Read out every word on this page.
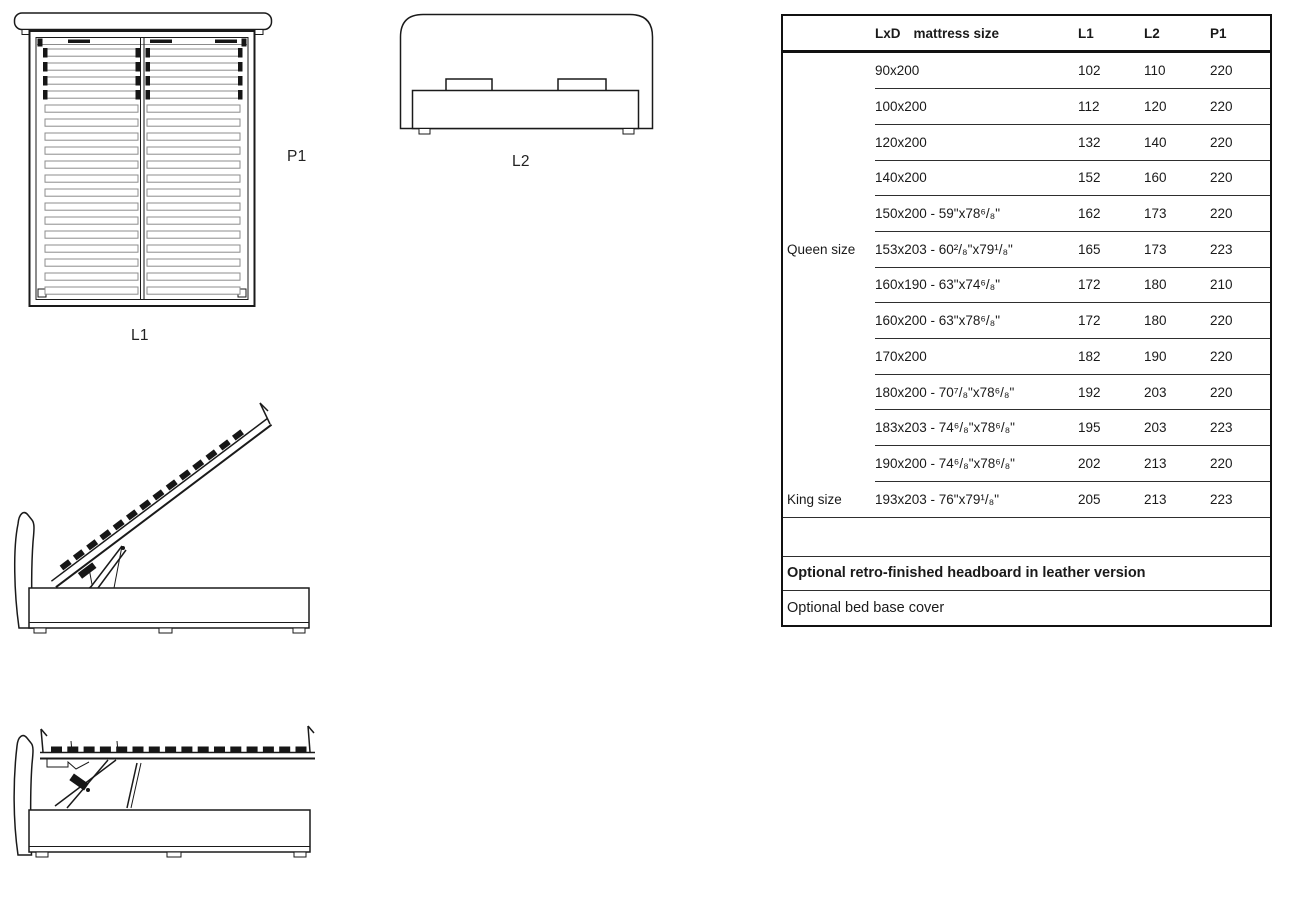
P1
L1
L2
LxD mattress size	L1	L2	P1
90x200	102	110	220
100x200	112	120	220
120x200	132	140	220
140x200	152	160	220
150x200 - 59"x78⁶/₈"	162	173	220
Queen size	153x203 - 60²/₈"x79¹/₈"	165	173	223
160x190 - 63"x74⁶/₈"	172	180	210
160x200 - 63"x78⁶/₈"	172	180	220
170x200	182	190	220
180x200 - 70⁷/₈"x78⁶/₈"	192	203	220
183x203 - 74⁶/₈"x78⁶/₈"	195	203	223
190x200 - 74⁶/₈"x78⁶/₈"	202	213	220
King size	193x203 - 76"x79¹/₈"	205	213	223
Optional retro-finished headboard in leather version
Optional bed base cover
